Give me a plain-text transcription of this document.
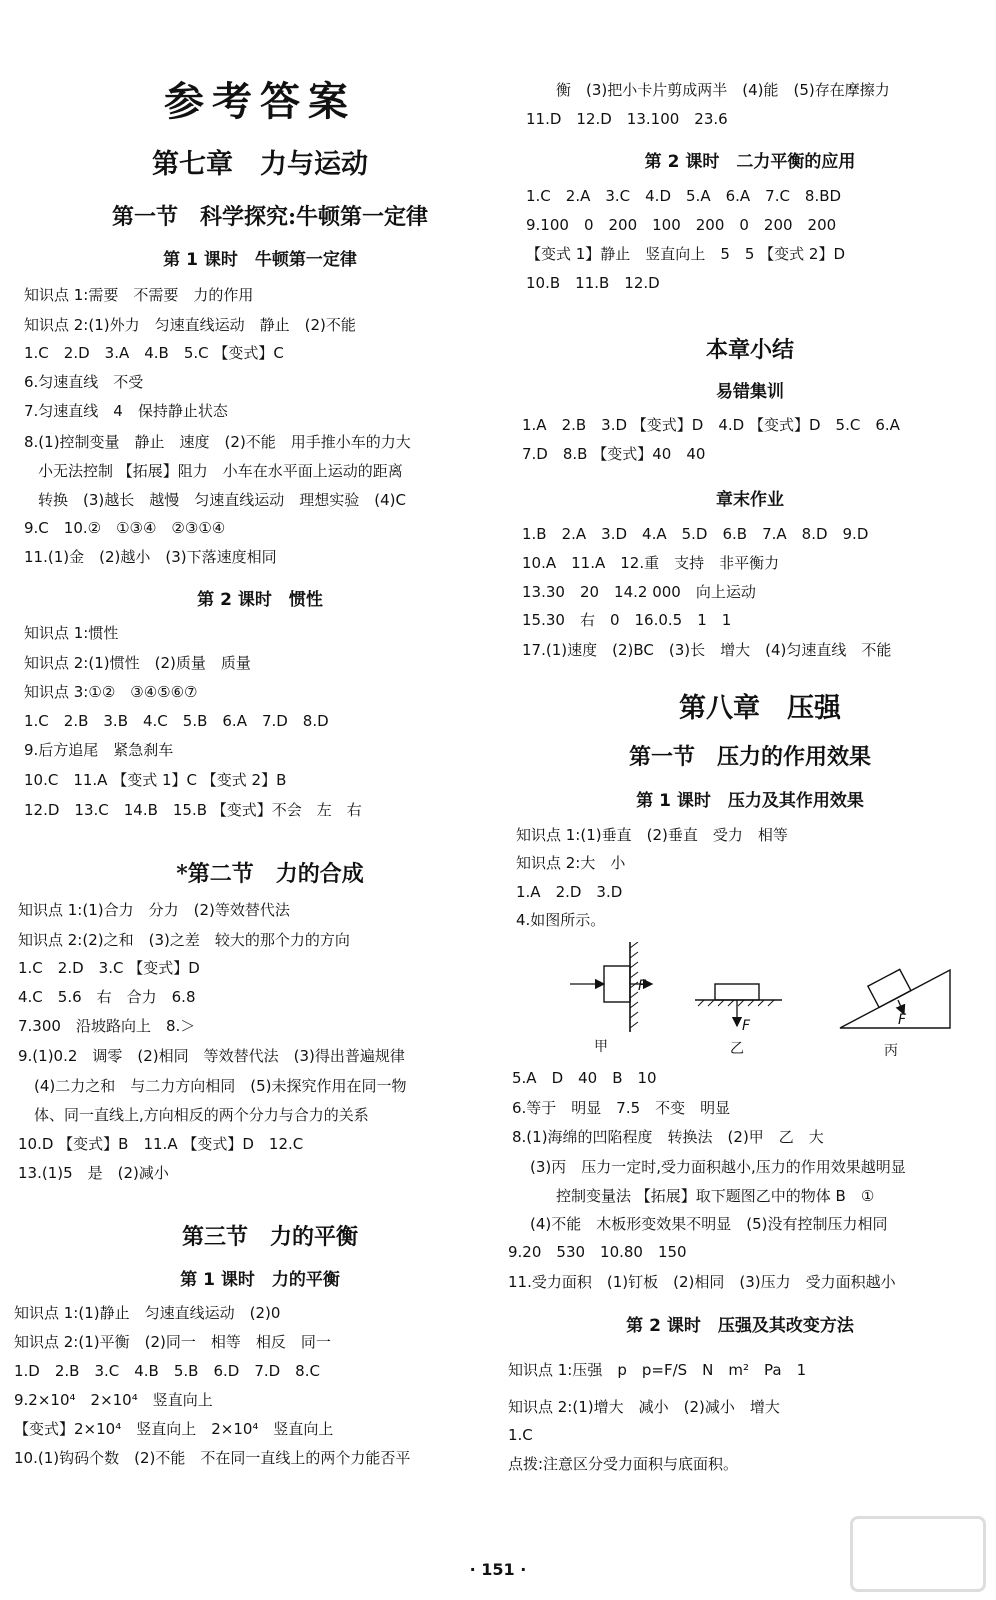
参考答案
第七章　力与运动
第一节　科学探究:牛顿第一定律
第 1 课时　牛顿第一定律
知识点 1:需要　不需要　力的作用
知识点 2:(1)外力　匀速直线运动　静止　(2)不能
1.C　2.D　3.A　4.B　5.C 【变式】C
6.匀速直线　不受
7.匀速直线　4　保持静止状态
8.(1)控制变量　静止　速度　(2)不能　用手推小车的力大
小无法控制 【拓展】阻力　小车在水平面上运动的距离
转换　(3)越长　越慢　匀速直线运动　理想实验　(4)C
9.C　10.②　①③④　②③①④
11.(1)金　(2)越小　(3)下落速度相同
第 2 课时　惯性
知识点 1:惯性
知识点 2:(1)惯性　(2)质量　质量
知识点 3:①②　③④⑤⑥⑦
1.C　2.B　3.B　4.C　5.B　6.A　7.D　8.D
9.后方追尾　紧急刹车
10.C　11.A 【变式 1】C 【变式 2】B
12.D　13.C　14.B　15.B 【变式】不会　左　右
*第二节　力的合成
知识点 1:(1)合力　分力　(2)等效替代法
知识点 2:(2)之和　(3)之差　较大的那个力的方向
1.C　2.D　3.C 【变式】D
4.C　5.6　右　合力　6.8
7.300　沿坡路向上　8.＞
9.(1)0.2　调零　(2)相同　等效替代法　(3)得出普遍规律
(4)二力之和　与二力方向相同　(5)未探究作用在同一物
体、同一直线上,方向相反的两个分力与合力的关系
10.D 【变式】B　11.A 【变式】D　12.C
13.(1)5　是　(2)减小
第三节　力的平衡
第 1 课时　力的平衡
知识点 1:(1)静止　匀速直线运动　(2)0
知识点 2:(1)平衡　(2)同一　相等　相反　同一
1.D　2.B　3.C　4.B　5.B　6.D　7.D　8.C
9.2×10⁴　2×10⁴　竖直向上
【变式】2×10⁴　竖直向上　2×10⁴　竖直向上
10.(1)钩码个数　(2)不能　不在同一直线上的两个力能否平
衡　(3)把小卡片剪成两半　(4)能　(5)存在摩擦力
11.D　12.D　13.100　23.6
第 2 课时　二力平衡的应用
1.C　2.A　3.C　4.D　5.A　6.A　7.C　8.BD
9.100　0　200　100　200　0　200　200
【变式 1】静止　竖直向上　5　5 【变式 2】D
10.B　11.B　12.D
本章小结
易错集训
1.A　2.B　3.D 【变式】D　4.D 【变式】D　5.C　6.A
7.D　8.B 【变式】40　40
章末作业
1.B　2.A　3.D　4.A　5.D　6.B　7.A　8.D　9.D
10.A　11.A　12.重　支持　非平衡力
13.30　20　14.2 000　向上运动
15.30　右　0　16.0.5　1　1
17.(1)速度　(2)BC　(3)长　增大　(4)匀速直线　不能
第八章　压强
第一节　压力的作用效果
第 1 课时　压力及其作用效果
知识点 1:(1)垂直　(2)垂直　受力　相等
知识点 2:大　小
1.A　2.D　3.D
4.如图所示。
F
F	F
甲	乙	丙
5.A　D　40　B　10
6.等于　明显　7.5　不变　明显
8.(1)海绵的凹陷程度　转换法　(2)甲　乙　大
(3)丙　压力一定时,受力面积越小,压力的作用效果越明显
控制变量法 【拓展】取下题图乙中的物体 B　①
(4)不能　木板形变效果不明显　(5)没有控制压力相同
9.20　530　10.80　150
11.受力面积　(1)钉板　(2)相同　(3)压力　受力面积越小
第 2 课时　压强及其改变方法
知识点 1:压强　p　p=F/S　N　m²　Pa　1
知识点 2:(1)增大　减小　(2)减小　增大
1.C
点拨:注意区分受力面积与底面积。
· 151 ·
